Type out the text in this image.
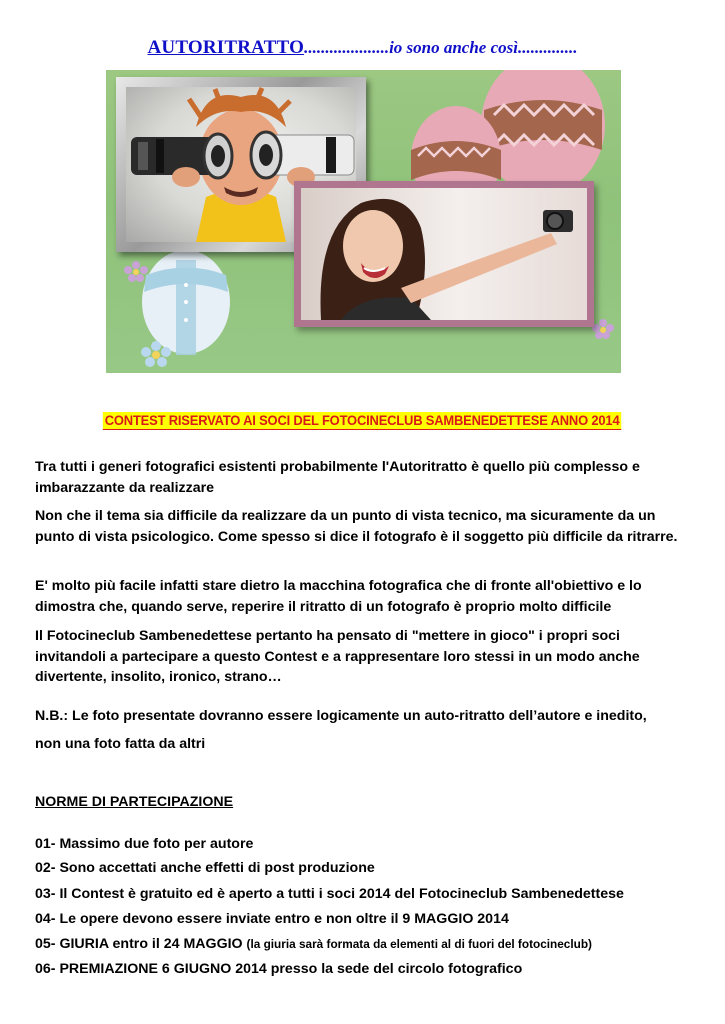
AUTORITRATTO....................io sono anche così..............
CONTEST RISERVATO AI SOCI DEL FOTOCINECLUB SAMBENEDETTESE ANNO 2014
Tra tutti i generi fotografici esistenti probabilmente l'Autoritratto è quello più complesso e imbarazzante da realizzare
Non che il tema sia difficile da realizzare da un punto di vista tecnico, ma sicuramente da un punto di vista psicologico. Come spesso si dice il fotografo è il soggetto più difficile da ritrarre.
E' molto più facile infatti stare dietro la macchina fotografica che di fronte all'obiettivo e lo dimostra che, quando serve, reperire il ritratto di un fotografo è proprio molto difficile
Il Fotocineclub Sambenedettese pertanto ha pensato di "mettere in gioco" i propri soci invitandoli a partecipare a questo Contest e a rappresentare loro stessi in un modo anche divertente, insolito, ironico, strano…
N.B.: Le foto presentate dovranno essere logicamente un auto-ritratto dell’autore e inedito,
non una foto fatta da altri
NORME DI PARTECIPAZIONE
01- Massimo due foto per autore
02- Sono accettati anche effetti di post produzione
03- Il Contest è gratuito ed è aperto a tutti i soci 2014 del Fotocineclub Sambenedettese
04- Le opere devono essere inviate entro e non oltre il 9 MAGGIO 2014
05- GIURIA entro il 24 MAGGIO (la giuria sarà formata da elementi al di fuori del fotocineclub)
06- PREMIAZIONE 6 GIUGNO 2014 presso la sede del circolo fotografico
